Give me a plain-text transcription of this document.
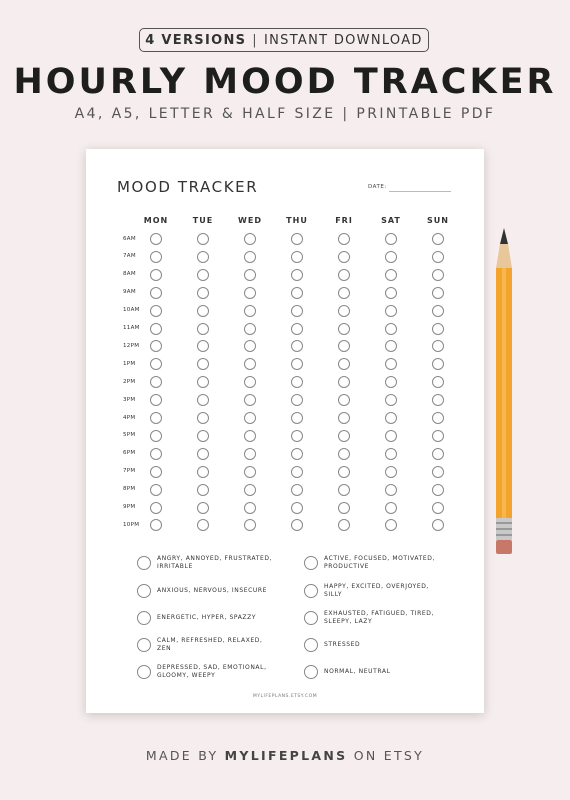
4 VERSIONS | INSTANT DOWNLOAD
HOURLY MOOD TRACKER
A4, A5, LETTER & HALF SIZE | PRINTABLE PDF
MOOD TRACKER	DATE:
MYLIFEPLANS.ETSY.COM
MON	TUE	WED	THU	FRI	SAT	SUN
6AM
7AM
8AM
9AM
10AM
11AM
12PM
1PM
2PM
3PM
4PM
5PM
6PM
7PM
8PM
9PM
10PM
ANGRY, ANNOYED, FRUSTRATED,
IRRITABLE
ANXIOUS, NERVOUS, INSECURE
ENERGETIC, HYPER, SPAZZY
CALM, REFRESHED, RELAXED,
ZEN
DEPRESSED, SAD, EMOTIONAL,
GLOOMY, WEEPY
ACTIVE, FOCUSED, MOTIVATED,
PRODUCTIVE
HAPPY, EXCITED, OVERJOYED,
SILLY
EXHAUSTED, FATIGUED, TIRED,
SLEEPY, LAZY
STRESSED
NORMAL, NEUTRAL
MADE BY MYLIFEPLANS ON ETSY
